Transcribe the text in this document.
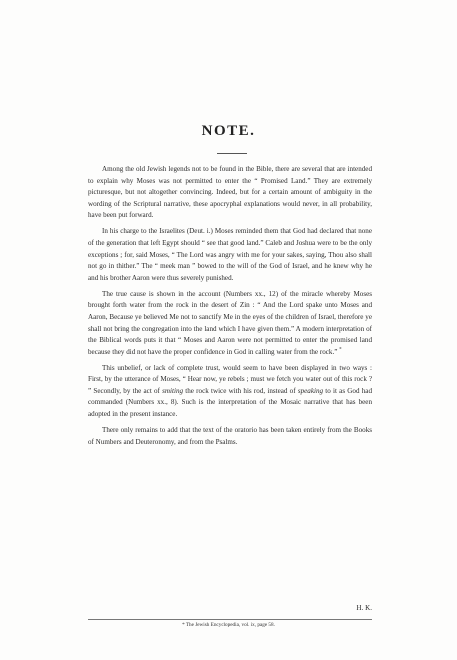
NOTE.

Among the old Jewish legends not to be found in the Bible, there are several that are intended to explain why Moses was not permitted to enter the “ Promised Land.” They are extremely picturesque, but not altogether convincing. Indeed, but for a certain amount of ambiguity in the wording of the Scriptural narrative, these apocryphal explanations would never, in all probability, have been put forward.

In his charge to the Israelites (Deut. i.) Moses reminded them that God had declared that none of the generation that left Egypt should “ see that good land.” Caleb and Joshua were to be the only exceptions ; for, said Moses, “ The Lord was angry with me for your sakes, saying, Thou also shall not go in thither.” The “ meek man ” bowed to the will of the God of Israel, and he knew why he and his brother Aaron were thus severely punished.

The true cause is shown in the account (Numbers xx., 12) of the miracle whereby Moses brought forth water from the rock in the desert of Zin : “ And the Lord spake unto Moses and Aaron, Because ye believed Me not to sanctify Me in the eyes of the children of Israel, therefore ye shall not bring the congregation into the land which I have given them.” A modern interpretation of the Biblical words puts it that “ Moses and Aaron were not permitted to enter the promised land because they did not have the proper confidence in God in calling water from the rock.” *

This unbelief, or lack of complete trust, would seem to have been displayed in two ways : First, by the utterance of Moses, “ Hear now, ye rebels ; must we fetch you water out of this rock ? ” Secondly, by the act of smiting the rock twice with his rod, instead of speaking to it as God had commanded (Numbers xx., 8). Such is the interpretation of the Mosaic narrative that has been adopted in the present instance.

There only remains to add that the text of the oratorio has been taken entirely from the Books of Numbers and Deuteronomy, and from the Psalms.

H. K.
* The Jewish Encyclopedia, vol. ix, page 58.
